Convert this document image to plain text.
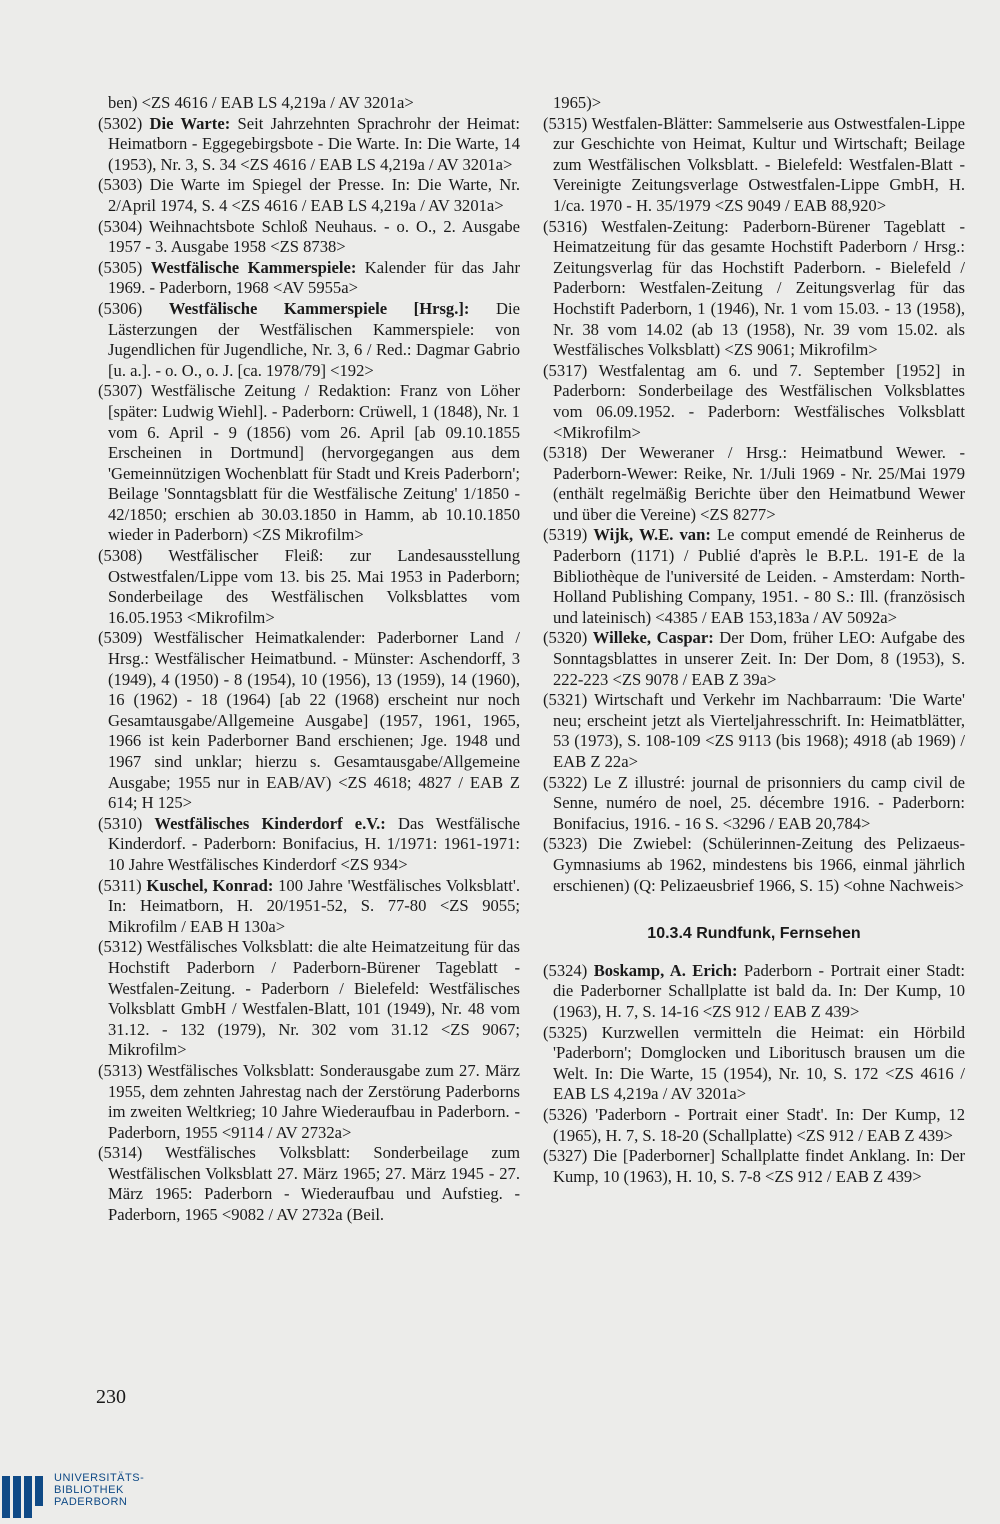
ben) <ZS 4616 / EAB LS 4,219a / AV 3201a>

(5302) Die Warte: Seit Jahrzehnten Sprachrohr der Heimat: Heimatborn - Eggegebirgsbote - Die Warte. In: Die Warte, 14 (1953), Nr. 3, S. 34 <ZS 4616 / EAB LS 4,219a / AV 3201a>

(5303) Die Warte im Spiegel der Presse. In: Die Warte, Nr. 2/April 1974, S. 4 <ZS 4616 / EAB LS 4,219a / AV 3201a>

(5304) Weihnachtsbote Schloß Neuhaus. - o. O., 2. Ausgabe 1957 - 3. Ausgabe 1958 <ZS 8738>

(5305) Westfälische Kammerspiele: Kalender für das Jahr 1969. - Paderborn, 1968 <AV 5955a>

(5306) Westfälische Kammerspiele [Hrsg.]: Die Lästerzungen der Westfälischen Kammerspiele: von Jugendlichen für Jugendliche, Nr. 3, 6 / Red.: Dagmar Gabrio [u. a.]. - o. O., o. J. [ca. 1978/79] <192>

(5307) Westfälische Zeitung / Redaktion: Franz von Löher [später: Ludwig Wiehl]. - Paderborn: Crüwell, 1 (1848), Nr. 1 vom 6. April - 9 (1856) vom 26. April [ab 09.10.1855 Erscheinen in Dortmund] (hervorgegangen aus dem 'Gemeinnützigen Wochenblatt für Stadt und Kreis Paderborn'; Beilage 'Sonntagsblatt für die Westfälische Zeitung' 1/1850 - 42/1850; erschien ab 30.03.1850 in Hamm, ab 10.10.1850 wieder in Paderborn) <ZS Mikrofilm>

(5308) Westfälischer Fleiß: zur Landesausstellung Ostwestfalen/Lippe vom 13. bis 25. Mai 1953 in Paderborn; Sonderbeilage des Westfälischen Volksblattes vom 16.05.1953 <Mikrofilm>

(5309) Westfälischer Heimatkalender: Paderborner Land / Hrsg.: Westfälischer Heimatbund. - Münster: Aschendorff, 3 (1949), 4 (1950) - 8 (1954), 10 (1956), 13 (1959), 14 (1960), 16 (1962) - 18 (1964) [ab 22 (1968) erscheint nur noch Gesamtausgabe/Allgemeine Ausgabe] (1957, 1961, 1965, 1966 ist kein Paderborner Band erschienen; Jge. 1948 und 1967 sind unklar; hierzu s. Gesamtausgabe/Allgemeine Ausgabe; 1955 nur in EAB/AV) <ZS 4618; 4827 / EAB Z 614; H 125>

(5310) Westfälisches Kinderdorf e.V.: Das Westfälische Kinderdorf. - Paderborn: Bonifacius, H. 1/1971: 1961-1971: 10 Jahre Westfälisches Kinderdorf <ZS 934>

(5311) Kuschel, Konrad: 100 Jahre 'Westfälisches Volksblatt'. In: Heimatborn, H. 20/1951-52, S. 77-80 <ZS 9055; Mikrofilm / EAB H 130a>

(5312) Westfälisches Volksblatt: die alte Heimatzeitung für das Hochstift Paderborn / Paderborn-Bürener Tageblatt - Westfalen-Zeitung. - Paderborn / Bielefeld: Westfälisches Volksblatt GmbH / Westfalen-Blatt, 101 (1949), Nr. 48 vom 31.12. - 132 (1979), Nr. 302 vom 31.12 <ZS 9067; Mikrofilm>

(5313) Westfälisches Volksblatt: Sonderausgabe zum 27. März 1955, dem zehnten Jahrestag nach der Zerstörung Paderborns im zweiten Weltkrieg; 10 Jahre Wiederaufbau in Paderborn. - Paderborn, 1955 <9114 / AV 2732a>

(5314) Westfälisches Volksblatt: Sonderbeilage zum Westfälischen Volksblatt 27. März 1965; 27. März 1945 - 27. März 1965: Paderborn - Wiederaufbau und Aufstieg. - Paderborn, 1965 <9082 / AV 2732a (Beil.

1965)>

(5315) Westfalen-Blätter: Sammelserie aus Ostwestfalen-Lippe zur Geschichte von Heimat, Kultur und Wirtschaft; Beilage zum Westfälischen Volksblatt. - Bielefeld: Westfalen-Blatt - Vereinigte Zeitungsverlage Ostwestfalen-Lippe GmbH, H. 1/ca. 1970 - H. 35/1979 <ZS 9049 / EAB 88,920>

(5316) Westfalen-Zeitung: Paderborn-Bürener Tageblatt - Heimatzeitung für das gesamte Hochstift Paderborn / Hrsg.: Zeitungsverlag für das Hochstift Paderborn. - Bielefeld / Paderborn: Westfalen-Zeitung / Zeitungsverlag für das Hochstift Paderborn, 1 (1946), Nr. 1 vom 15.03. - 13 (1958), Nr. 38 vom 14.02 (ab 13 (1958), Nr. 39 vom 15.02. als Westfälisches Volksblatt) <ZS 9061; Mikrofilm>

(5317) Westfalentag am 6. und 7. September [1952] in Paderborn: Sonderbeilage des Westfälischen Volksblattes vom 06.09.1952. - Paderborn: Westfälisches Volksblatt <Mikrofilm>

(5318) Der Weweraner / Hrsg.: Heimatbund Wewer. - Paderborn-Wewer: Reike, Nr. 1/Juli 1969 - Nr. 25/Mai 1979 (enthält regelmäßig Berichte über den Heimatbund Wewer und über die Vereine) <ZS 8277>

(5319) Wijk, W.E. van: Le comput emendé de Reinherus de Paderborn (1171) / Publié d'après le B.P.L. 191-E de la Bibliothèque de l'université de Leiden. - Amsterdam: North-Holland Publishing Company, 1951. - 80 S.: Ill. (französisch und lateinisch) <4385 / EAB 153,183a / AV 5092a>

(5320) Willeke, Caspar: Der Dom, früher LEO: Aufgabe des Sonntagsblattes in unserer Zeit. In: Der Dom, 8 (1953), S. 222-223 <ZS 9078 / EAB Z 39a>

(5321) Wirtschaft und Verkehr im Nachbarraum: 'Die Warte' neu; erscheint jetzt als Vierteljahresschrift. In: Heimatblätter, 53 (1973), S. 108-109 <ZS 9113 (bis 1968); 4918 (ab 1969) / EAB Z 22a>

(5322) Le Z illustré: journal de prisonniers du camp civil de Senne, numéro de noel, 25. décembre 1916. - Paderborn: Bonifacius, 1916. - 16 S. <3296 / EAB 20,784>

(5323) Die Zwiebel: (Schülerinnen-Zeitung des Pelizaeus-Gymnasiums ab 1962, mindestens bis 1966, einmal jährlich erschienen) (Q: Pelizaeusbrief 1966, S. 15) <ohne Nachweis>

10.3.4 Rundfunk, Fernsehen

(5324) Boskamp, A. Erich: Paderborn - Portrait einer Stadt: die Paderborner Schallplatte ist bald da. In: Der Kump, 10 (1963), H. 7, S. 14-16 <ZS 912 / EAB Z 439>

(5325) Kurzwellen vermitteln die Heimat: ein Hörbild 'Paderborn'; Domglocken und Liboritusch brausen um die Welt. In: Die Warte, 15 (1954), Nr. 10, S. 172 <ZS 4616 / EAB LS 4,219a / AV 3201a>

(5326) 'Paderborn - Portrait einer Stadt'. In: Der Kump, 12 (1965), H. 7, S. 18-20 (Schallplatte) <ZS 912 / EAB Z 439>

(5327) Die [Paderborner] Schallplatte findet Anklang. In: Der Kump, 10 (1963), H. 10, S. 7-8 <ZS 912 / EAB Z 439>

230
UNIVERSITÄTS-
BIBLIOTHEK
PADERBORN
